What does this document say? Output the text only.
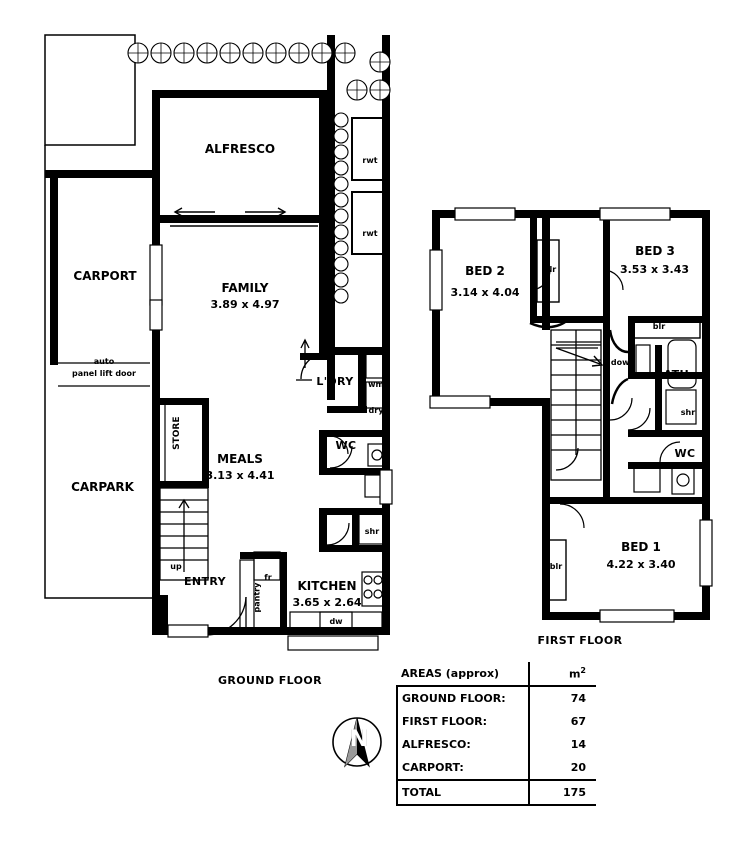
ALFRESCO
CARPORT
CARPARK
FAMILY
3.89 x 4.97
MEALS
3.13 x 4.41
KITCHEN
3.65 x 2.64
ENTRY
L'DRY
WC
STORE
auto
panel lift door
rwt
rwt
wm
dry
shr
fr
dw
pantry
up
GROUND FLOOR
BED 2
3.14 x 4.04
BED 3
3.53 x 3.43
BED 1
4.22 x 3.40
BATH
WC
blr
blr
blr
shr
down
FIRST FLOOR
AREAS (approx)	$m^2$
GROUND FLOOR:	74
FIRST FLOOR:	67
ALFRESCO:	14
CARPORT:	20
TOTAL	175
N
